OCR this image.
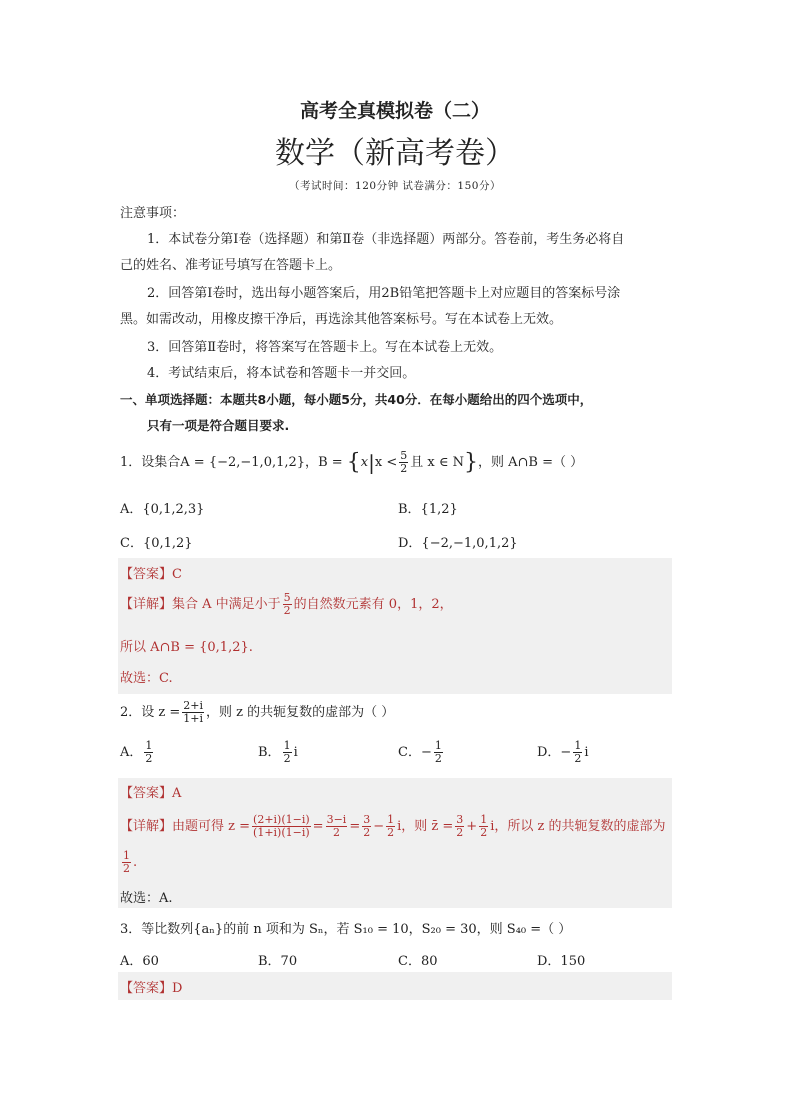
高考全真模拟卷（二）
数学（新高考卷）
（考试时间：120分钟 试卷满分：150分）
注意事项：
1．本试卷分第Ⅰ卷（选择题）和第Ⅱ卷（非选择题）两部分。答卷前，考生务必将自
己的姓名、准考证号填写在答题卡上。
2．回答第Ⅰ卷时，选出每小题答案后，用2B铅笔把答题卡上对应题目的答案标号涂
黑。如需改动，用橡皮擦干净后，再选涂其他答案标号。写在本试卷上无效。
3．回答第Ⅱ卷时，将答案写在答题卡上。写在本试卷上无效。
4．考试结束后，将本试卷和答题卡一并交回。
一、单项选择题：本题共8小题，每小题5分，共40分．在每小题给出的四个选项中，
只有一项是符合题目要求.
1．设集合A = {−2,−1,0,1,2}，$B = \{x|x < \frac{5}{2}$ 且 x ∈ N}，则 A∩B =（ ）
A．{0,1,2,3}	B．{1,2}
C．{0,1,2}	D．{−2,−1,0,1,2}
【答案】C
【详解】集合 A 中满足小于 $\frac{5}{2}$ 的自然数元素有 0，1，2，
所以 A∩B = {0,1,2}.
故选：C.
2．设 $z = \frac{2+i}{1+i}$ ，则 z 的共轭复数的虚部为（ ）
A． $\frac{1}{2}$	B． $\frac{1}{2}$ i	C．− $\frac{1}{2}$	D．− $\frac{1}{2}$ i
【答案】A
【详解】由题可得 $z = \frac{(2+i)(1-i)}{(1+i)(1-i)} = \frac{3-i}{2} = \frac{3}{2} - \frac{1}{2}$ i，则 z̄ = $\frac{3}{2} + \frac{1}{2}$ i，所以 z 的共轭复数的虚部为
$\frac{1}{2}$ .
故选：A.
3．等比数列{aₙ}的前 n 项和为 Sₙ，若 S₁₀ = 10，S₂₀ = 30，则 S₄₀ =（ ）
A．60	B．70	C．80	D．150
【答案】D
